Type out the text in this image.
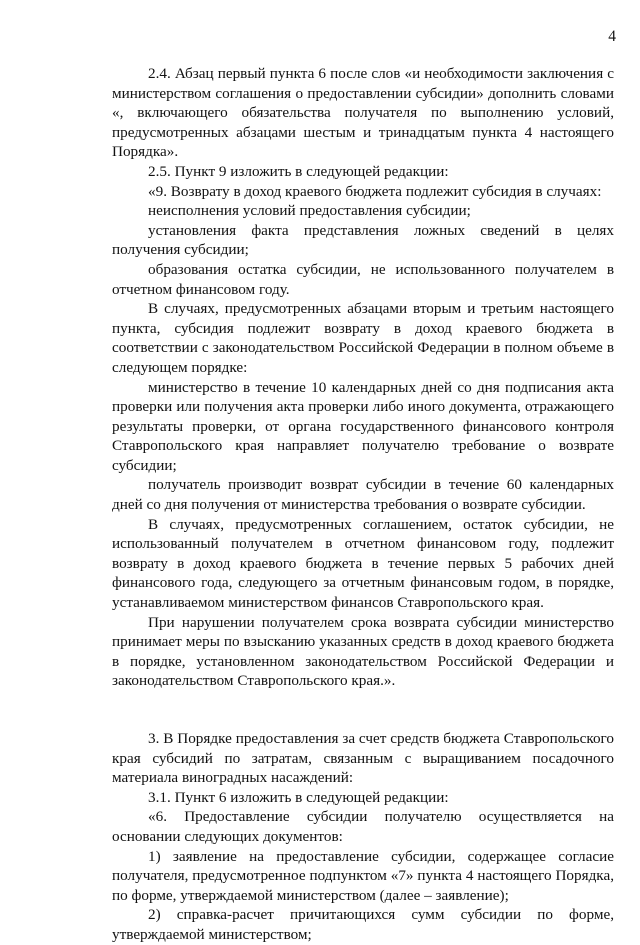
4

2.4. Абзац первый пункта 6 после слов «и необходимости заключения с министерством соглашения о предоставлении субсидии» дополнить словами «, включающего обязательства получателя по выполнению условий, предусмотренных абзацами шестым и тринадцатым пункта 4 настоящего Порядка».

2.5. Пункт 9 изложить в следующей редакции:

«9. Возврату в доход краевого бюджета подлежит субсидия в случаях:

неисполнения условий предоставления субсидии;

установления факта представления ложных сведений в целях получения субсидии;

образования остатка субсидии, не использованного получателем в отчетном финансовом году.

В случаях, предусмотренных абзацами вторым и третьим настоящего пункта, субсидия подлежит возврату в доход краевого бюджета в соответствии с законодательством Российской Федерации в полном объеме в следующем порядке:

министерство в течение 10 календарных дней со дня подписания акта проверки или получения акта проверки либо иного документа, отражающего результаты проверки, от органа государственного финансового контроля Ставропольского края направляет получателю требование о возврате субсидии;

получатель производит возврат субсидии в течение 60 календарных дней со дня получения от министерства требования о возврате субсидии.

В случаях, предусмотренных соглашением, остаток субсидии, не использованный получателем в отчетном финансовом году, подлежит возврату в доход краевого бюджета в течение первых 5 рабочих дней финансового года, следующего за отчетным финансовым годом, в порядке, устанавливаемом министерством финансов Ставропольского края.

При нарушении получателем срока возврата субсидии министерство принимает меры по взысканию указанных средств в доход краевого бюджета в порядке, установленном законодательством Российской Федерации и законодательством Ставропольского края.».

3. В Порядке предоставления за счет средств бюджета Ставропольского края субсидий по затратам, связанным с выращиванием посадочного материала виноградных насаждений:

3.1. Пункт 6 изложить в следующей редакции:

«6. Предоставление субсидии получателю осуществляется на основании следующих документов:

1) заявление на предоставление субсидии, содержащее согласие получателя, предусмотренное подпунктом «7» пункта 4 настоящего Порядка, по форме, утверждаемой министерством (далее – заявление);

2) справка-расчет причитающихся сумм субсидии по форме, утверждаемой министерством;
